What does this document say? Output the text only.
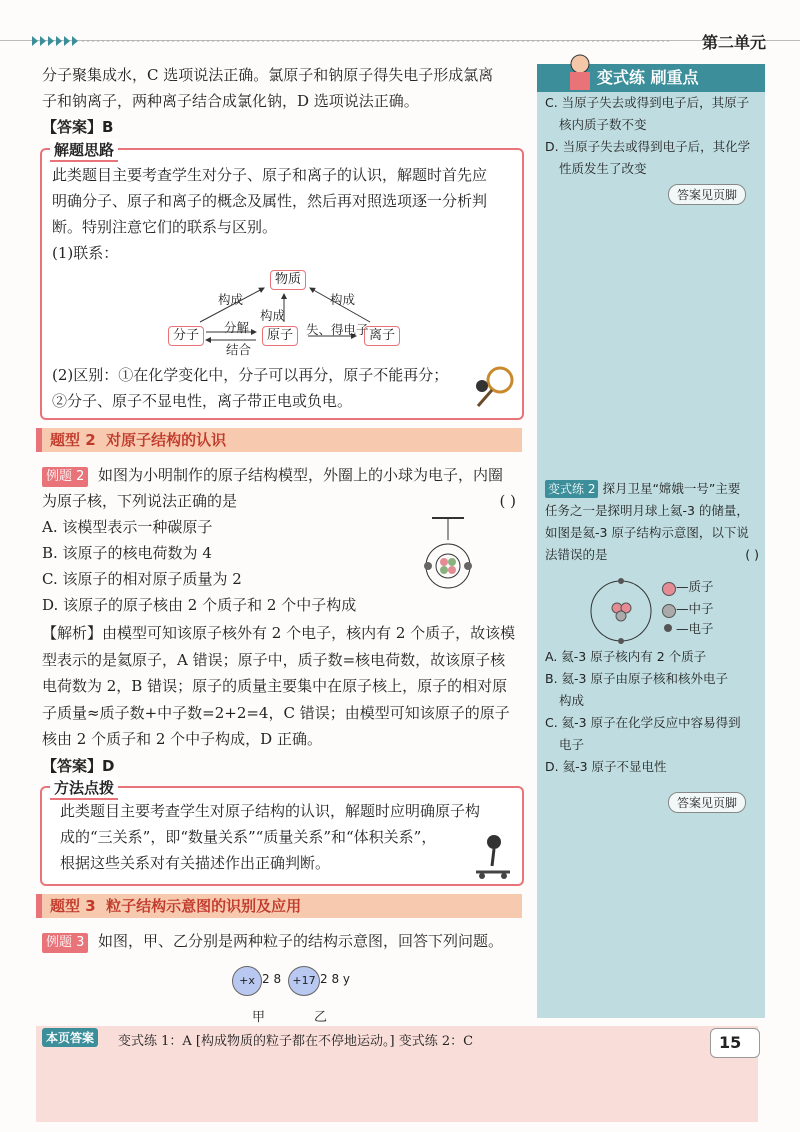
第二单元
分子聚集成水，C 选项说法正确。氯原子和钠原子得失电子形成氯离
子和钠离子，两种离子结合成氯化钠，D 选项说法正确。
【答案】B
解题思路
此类题目主要考查学生对分子、原子和离子的认识，解题时首先应
明确分子、原子和离子的概念及属性，然后再对照选项逐一分析判
断。特别注意它们的联系与区别。
(1)联系：
物质
分子	原子	离子
构成
构成
构成
分解
结合
失、得电子
(2)区别：①在化学变化中，分子可以再分，原子不能再分；
②分子、原子不显电性，离子带正电或负电。
题型 2 对原子结构的认识
例题 2 如图为小明制作的原子结构模型，外圈上的小球为电子，内圈
为原子核，下列说法正确的是	( )
A. 该模型表示一种碳原子
B. 该原子的核电荷数为 4
C. 该原子的相对原子质量为 2
D. 该原子的原子核由 2 个质子和 2 个中子构成
【解析】由模型可知该原子核外有 2 个电子，核内有 2 个质子，故该模
型表示的是氦原子，A 错误；原子中，质子数=核电荷数，故该原子核
电荷数为 2，B 错误；原子的质量主要集中在原子核上，原子的相对原
子质量≈质子数+中子数=2+2=4，C 错误；由模型可知该原子的原子
核由 2 个质子和 2 个中子构成，D 正确。
【答案】D
方法点拨
此类题目主要考查学生对原子结构的认识，解题时应明确原子构
成的“三关系”，即“数量关系”“质量关系”和“体积关系”，
根据这些关系对有关描述作出正确判断。
题型 3 粒子结构示意图的识别及应用
例题 3 如图，甲、乙分别是两种粒子的结构示意图，回答下列问题。
+x 2 8
甲
+17 2 8 y
乙
变式练 刷重点
C. 当原子失去或得到电子后，其原子
核内质子数不变
D. 当原子失去或得到电子后，其化学
性质发生了改变
答案见页脚
变式练 2 探月卫星“嫦娥一号”主要
任务之一是探明月球上氦-3 的储量，
如图是氦-3 原子结构示意图，以下说
法错误的是	( )
—质子
—中子
—电子
A. 氦-3 原子核内有 2 个质子
B. 氦-3 原子由原子核和核外电子
构成
C. 氦-3 原子在化学反应中容易得到
电子
D. 氦-3 原子不显电性
答案见页脚
本页答案	变式练 1：A [构成物质的粒子都在不停地运动。] 变式练 2：C	15
